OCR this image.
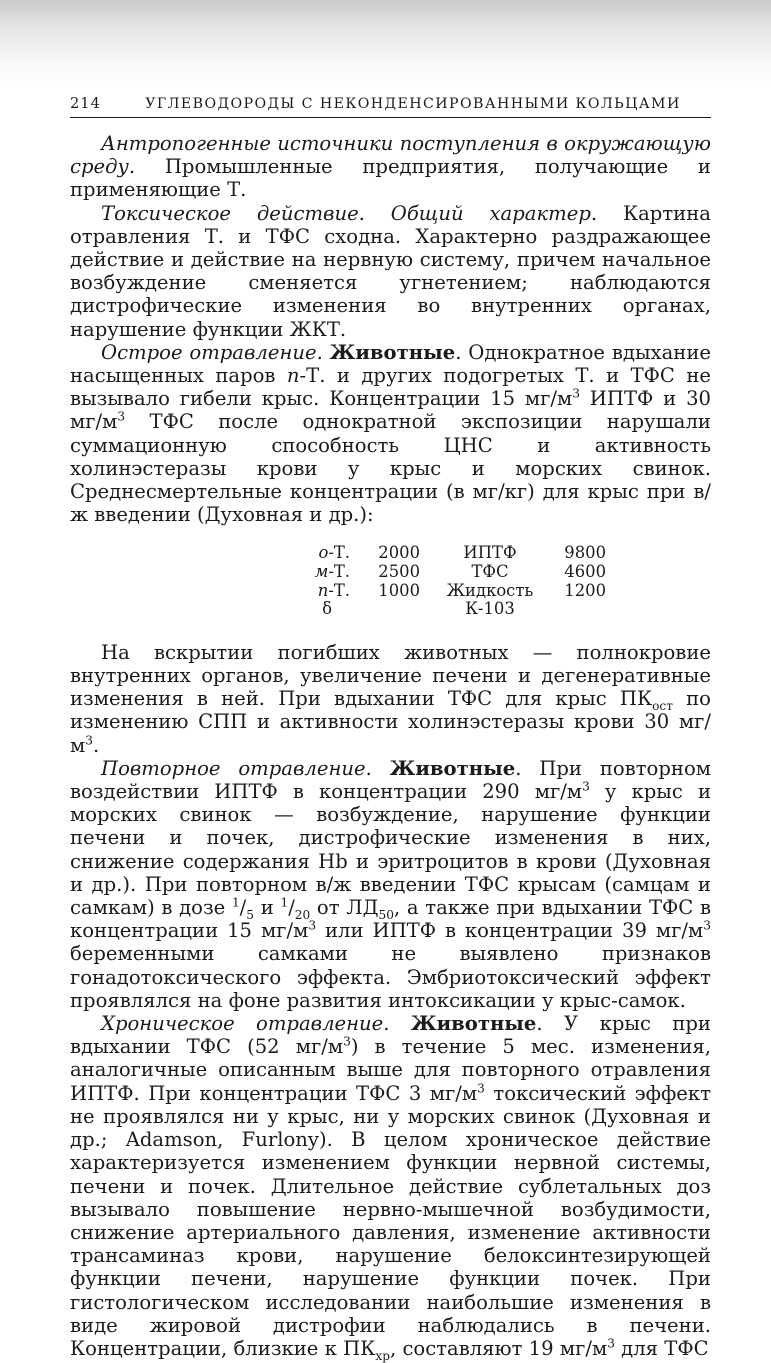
214	УГЛЕВОДОРОДЫ С НЕКОНДЕНСИРОВАННЫМИ КОЛЬЦАМИ

Антропогенные источники поступления в окружающую среду. Промышленные предприятия, получающие и применяющие Т.

Токсическое действие. Общий характер. Картина отравления Т. и ТФС сходна. Характерно раздражающее действие и действие на нервную систему, причем начальное возбуждение сменяется угнетением; наблюдаются дистрофические изменения во внутренних органах, нарушение функции ЖКТ.

Острое отравление. Животные. Однократное вдыхание насыщенных паров n-Т. и других подогретых Т. и ТФС не вызывало гибели крыс. Концентрации 15 $мг/м^3$ ИПТФ и 30 $мг/м^3$ ТФС после однократной экспозиции нарушали суммационную способность ЦНС и активность холинэстеразы крови у крыс и морских свинок. Среднесмертельные концентрации (в мг/кг) для крыс при в/ж введении (Духовная и др.):

о-Т.	2000	ИПТФ	9800
м-Т.	2500	ТФС	4600
п-Т.	1000	Жидкость	1200
δ		К-103	

На вскрытии погибших животных — полнокровие внутренних органов, увеличение печени и дегенеративные изменения в ней. При вдыхании ТФС для крыс $ПК_{ост}$ по изменению СПП и активности холинэстеразы крови 30 $мг/м^3$.

Повторное отравление. Животные. При повторном воздействии ИПТФ в концентрации 290 $мг/м^3$ у крыс и морских свинок — возбуждение, нарушение функции печени и почек, дистрофические изменения в них, снижение содержания Hb и эритроцитов в крови (Духовная и др.). При повторном в/ж введении ТФС крысам (самцам и самкам) в дозе $^1/_5$ и $^1/_{20}$ от $ЛД_{50}$, а также при вдыхании ТФС в концентрации 15 $мг/м^3$ или ИПТФ в концентрации 39 $мг/м^3$ беременными самками не выявлено признаков гонадотоксического эффекта. Эмбриотоксический эффект проявлялся на фоне развития интоксикации у крыс-самок.

Хроническое отравление. Животные. У крыс при вдыхании ТФС (52 $мг/м^3$) в течение 5 мес. изменения, аналогичные описанным выше для повторного отравления ИПТФ. При концентрации ТФС 3 $мг/м^3$ токсический эффект не проявлялся ни у крыс, ни у морских свинок (Духовная и др.; Adamson, Furlony). В целом хроническое действие характеризуется изменением функции нервной системы, печени и почек. Длительное действие сублетальных доз вызывало повышение нервно-мышечной возбудимости, снижение артериального давления, изменение активности трансаминаз крови, нарушение белоксинтезирующей функции печени, нарушение функции почек. При гистологическом исследовании наибольшие изменения в виде жировой дистрофии наблюдались в печени. Концентрации, близкие к $ПК_{хр}$, составляют 19 $мг/м^3$ для ТФС
